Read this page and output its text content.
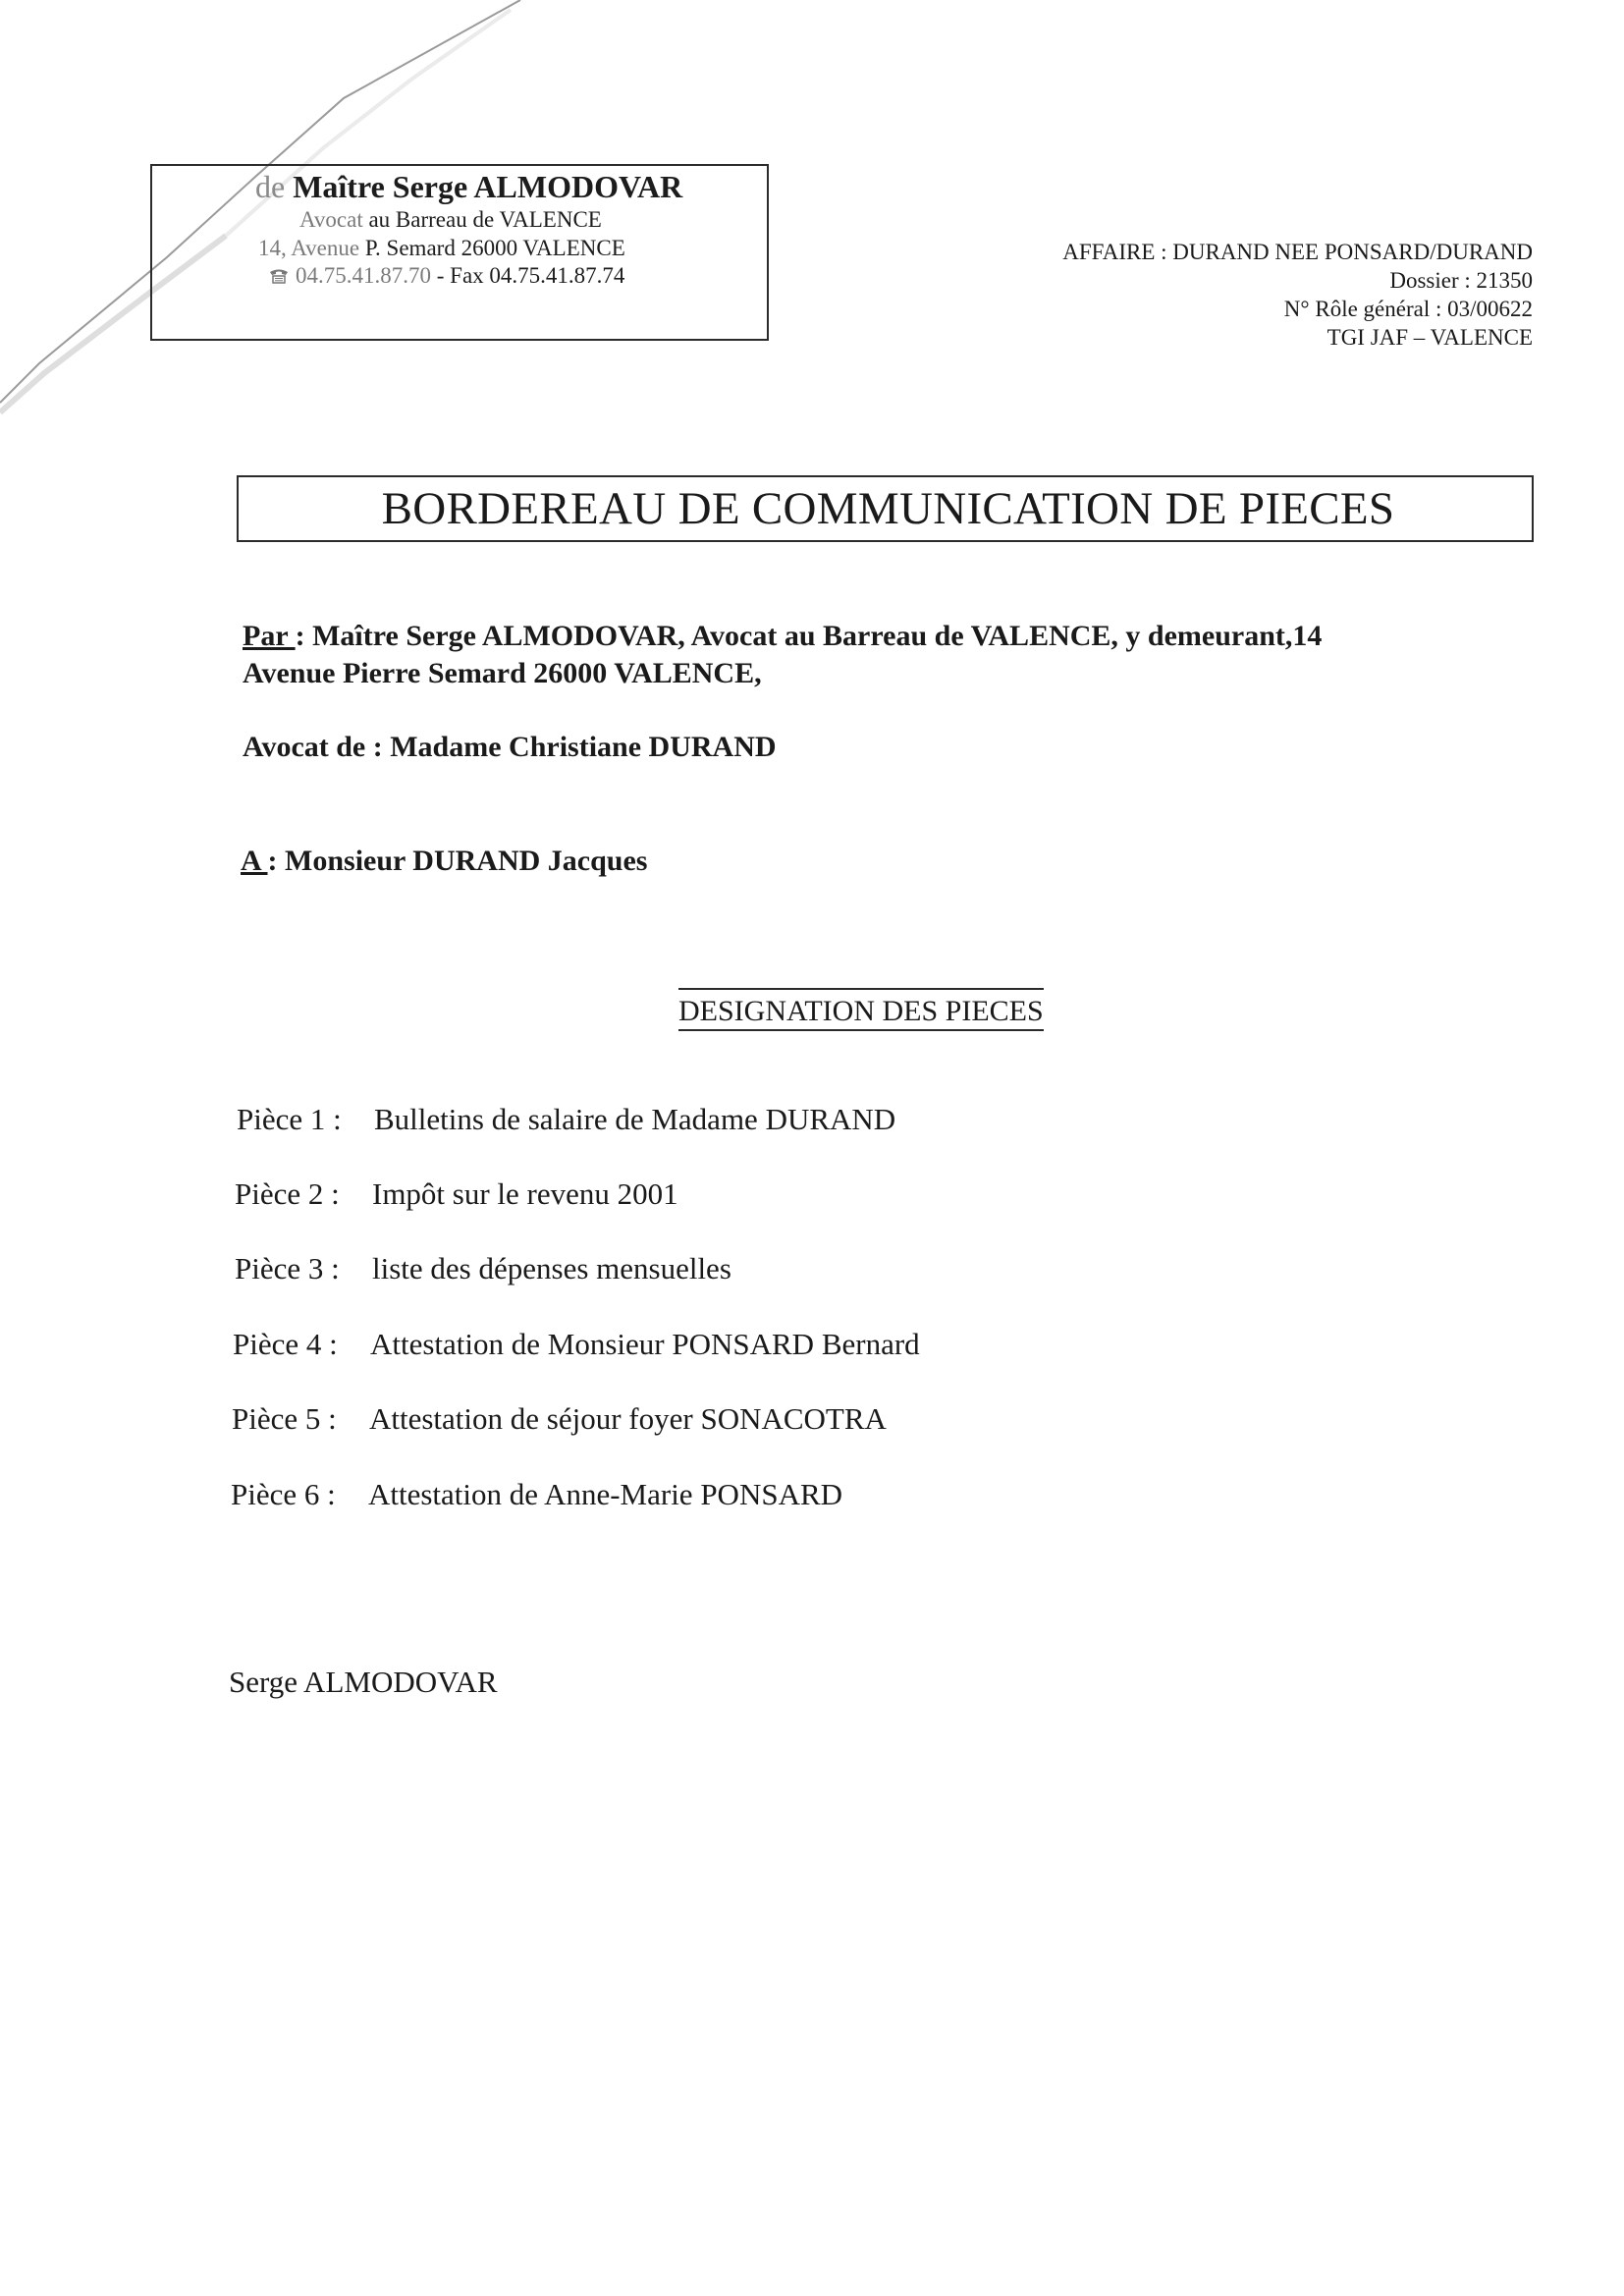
de Maître Serge ALMODOVAR
Avocat au Barreau de VALENCE
14, Avenue P. Semard 26000 VALENCE
04.75.41.87.70 - Fax 04.75.41.87.74
AFFAIRE : DURAND NEE PONSARD/DURAND
Dossier : 21350
N° Rôle général : 03/00622
TGI JAF – VALENCE
BORDEREAU DE COMMUNICATION DE PIECES
Par : Maître Serge ALMODOVAR, Avocat au Barreau de VALENCE, y demeurant,14
Avenue Pierre Semard 26000 VALENCE,
Avocat de : Madame Christiane DURAND
A : Monsieur DURAND Jacques
DESIGNATION DES PIECES
Pièce 1 : Bulletins de salaire de Madame DURAND
Pièce 2 : Impôt sur le revenu 2001
Pièce 3 : liste des dépenses mensuelles
Pièce 4 : Attestation de Monsieur PONSARD Bernard
Pièce 5 : Attestation de séjour foyer SONACOTRA
Pièce 6 : Attestation de Anne-Marie PONSARD
Serge ALMODOVAR
